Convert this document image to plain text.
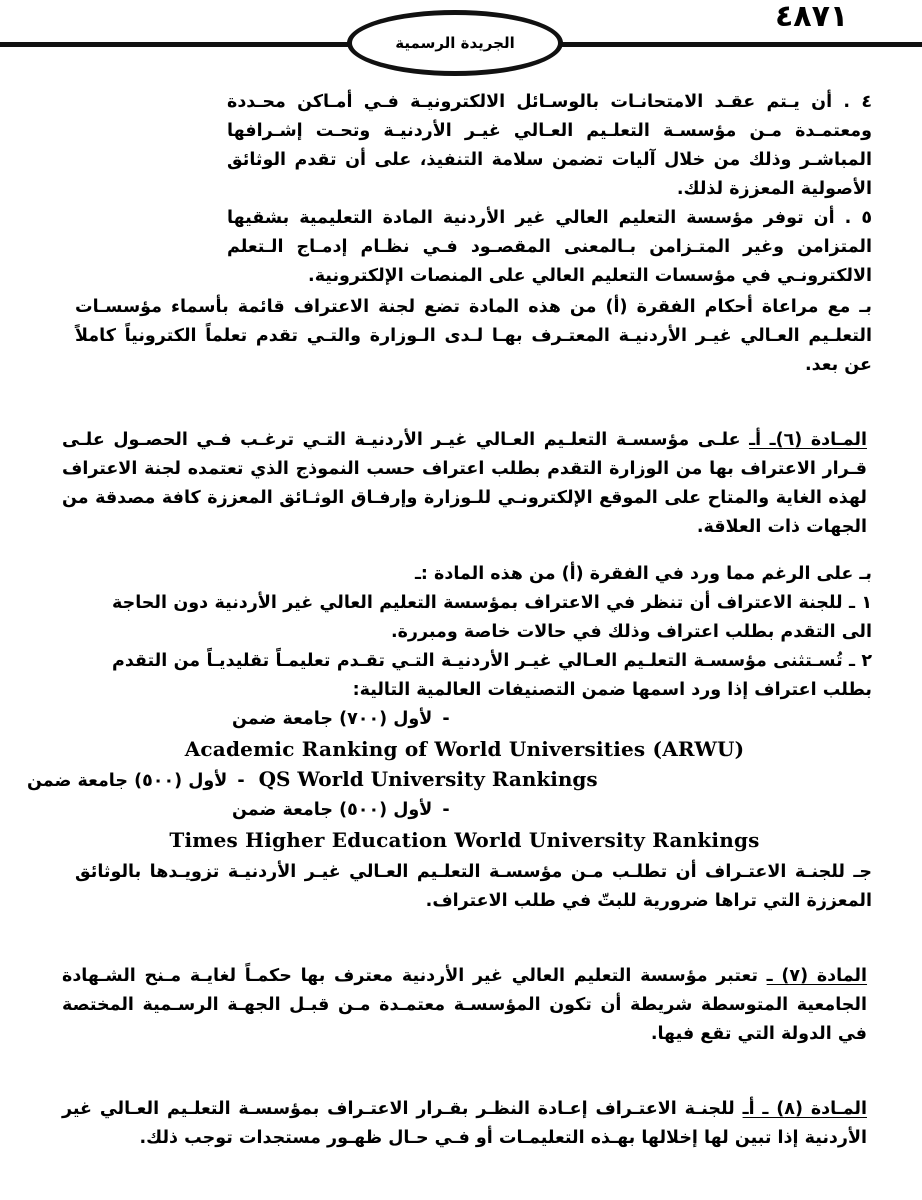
٤٨٧١
الجريدة الرسمية

٤ . أن يـتم عقـد الامتحانـات بالوسـائل الالكترونيـة فـي أمـاكن محـددة ومعتمـدة مـن مؤسسـة التعلـيم العـالي غيـر الأردنيـة وتحـت إشـرافها المباشـر وذلك من خلال آليات تضمن سلامة التنفيذ، على أن تقدم الوثائق الأصولية المعززة لذلك.

٥ . أن توفر مؤسسة التعليم العالي غير الأردنية المادة التعليمية بشقيها المتزامن وغير المتـزامن بـالمعنى المقصـود فـي نظـام إدمـاج الـتعلم الالكترونـي في مؤسسات التعليم العالي على المنصات الإلكترونية.

بـ مع مراعاة أحكام الفقرة (أ) من هذه المادة تضع لجنة الاعتراف قائمة بأسماء مؤسسـات التعلـيم العـالي غيـر الأردنيـة المعتـرف بهـا لـدى الـوزارة والتـي تقدم تعلماً الكترونياً كاملاً عن بعد.

المـادة (٦)ـ أـ علـى مؤسسـة التعلـيم العـالي غيـر الأردنيـة التـي ترغـب فـي الحصـول علـى قـرار الاعتراف بها من الوزارة التقدم بطلب اعتراف حسب النموذج الذي تعتمده لجنة الاعتراف لهذه الغاية والمتاح على الموقع الإلكترونـي للـوزارة وإرفـاق الوثـائق المعززة كافة مصدقة من الجهات ذات العلاقة.

بـ على الرغم مما ورد في الفقرة (أ) من هذه المادة :ـ

١ ـ للجنة الاعتراف أن تنظر في الاعتراف بمؤسسة التعليم العالي غير الأردنية دون الحاجة الى التقدم بطلب اعتراف وذلك في حالات خاصة ومبررة.

٢ ـ تُسـتثنى مؤسسـة التعلـيم العـالي غيـر الأردنيـة التـي تقـدم تعليمـاً تقليديـاً من التقدم بطلب اعتراف إذا ورد اسمها ضمن التصنيفات العالمية التالية:

-
لأول (٧٠٠) جامعة ضمن
Academic Ranking of World Universities (ARWU)
-
لأول (٥٠٠) جامعة ضمن	QS World University Rankings
-
لأول (٥٠٠) جامعة ضمن
Times Higher Education World University Rankings

جـ للجنـة الاعتـراف أن تطلـب مـن مؤسسـة التعلـيم العـالي غيـر الأردنيـة تزويـدها بالوثائق المعززة التي تراها ضرورية للبتّ في طلب الاعتراف.

المادة (٧) ـ تعتبر مؤسسة التعليم العالي غير الأردنية معترف بها حكمـاً لغايـة مـنح الشـهادة الجامعية المتوسطة شريطة أن تكون المؤسسـة معتمـدة مـن قبـل الجهـة الرسـمية المختصة في الدولة التي تقع فيها.

المـادة (٨) ـ أـ للجنـة الاعتـراف إعـادة النظـر بقـرار الاعتـراف بمؤسسـة التعلـيم العـالي غير الأردنية إذا تبين لها إخلالها بهـذه التعليمـات أو فـي حـال ظهـور مستجدات توجب ذلك.
